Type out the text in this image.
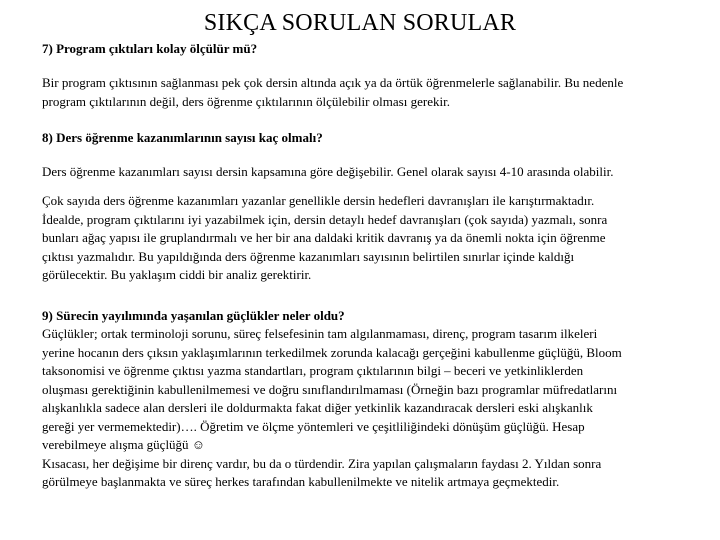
SIKÇA SORULAN SORULAR

7) Program çıktıları kolay ölçülür mü?

Bir program çıktısının sağlanması pek çok dersin altında açık ya da örtük öğrenmelerle sağlanabilir. Bu nedenle
program çıktılarının değil, ders öğrenme çıktılarının ölçülebilir olması gerekir.

8) Ders öğrenme kazanımlarının sayısı kaç olmalı?

Ders öğrenme kazanımları sayısı dersin kapsamına göre değişebilir. Genel olarak sayısı 4-10 arasında olabilir.

Çok sayıda ders öğrenme kazanımları yazanlar genellikle dersin hedefleri davranışları ile karıştırmaktadır.
İdealde, program çıktılarını iyi yazabilmek için, dersin detaylı hedef davranışları (çok sayıda) yazmalı, sonra
bunları ağaç yapısı ile gruplandırmalı ve her bir ana daldaki kritik davranış ya da önemli nokta için öğrenme
çıktısı yazmalıdır. Bu yapıldığında ders öğrenme kazanımları sayısının belirtilen sınırlar içinde kaldığı
görülecektir. Bu yaklaşım ciddi bir analiz gerektirir.

9) Sürecin yayılımında yaşanılan güçlükler neler oldu?

Güçlükler; ortak terminoloji sorunu, süreç felsefesinin tam algılanmaması, direnç, program tasarım ilkeleri
yerine hocanın ders çıksın yaklaşımlarının terkedilmek zorunda kalacağı gerçeğini kabullenme güçlüğü, Bloom
taksonomisi ve öğrenme çıktısı yazma standartları, program çıktılarının bilgi – beceri ve yetkinliklerden
oluşması gerektiğinin kabullenilmemesi ve doğru sınıflandırılmaması (Örneğin bazı programlar müfredatlarını
alışkanlıkla sadece alan dersleri ile doldurmakta fakat diğer yetkinlik kazandıracak dersleri eski alışkanlık
gereği yer vermemektedir)…. Öğretim ve ölçme yöntemleri ve çeşitliliğindeki dönüşüm güçlüğü. Hesap
verebilmeye alışma güçlüğü ☺
Kısacası, her değişime bir direnç vardır, bu da o türdendir. Zira yapılan çalışmaların faydası 2. Yıldan sonra
görülmeye başlanmakta ve süreç herkes tarafından kabullenilmekte ve nitelik artmaya geçmektedir.
